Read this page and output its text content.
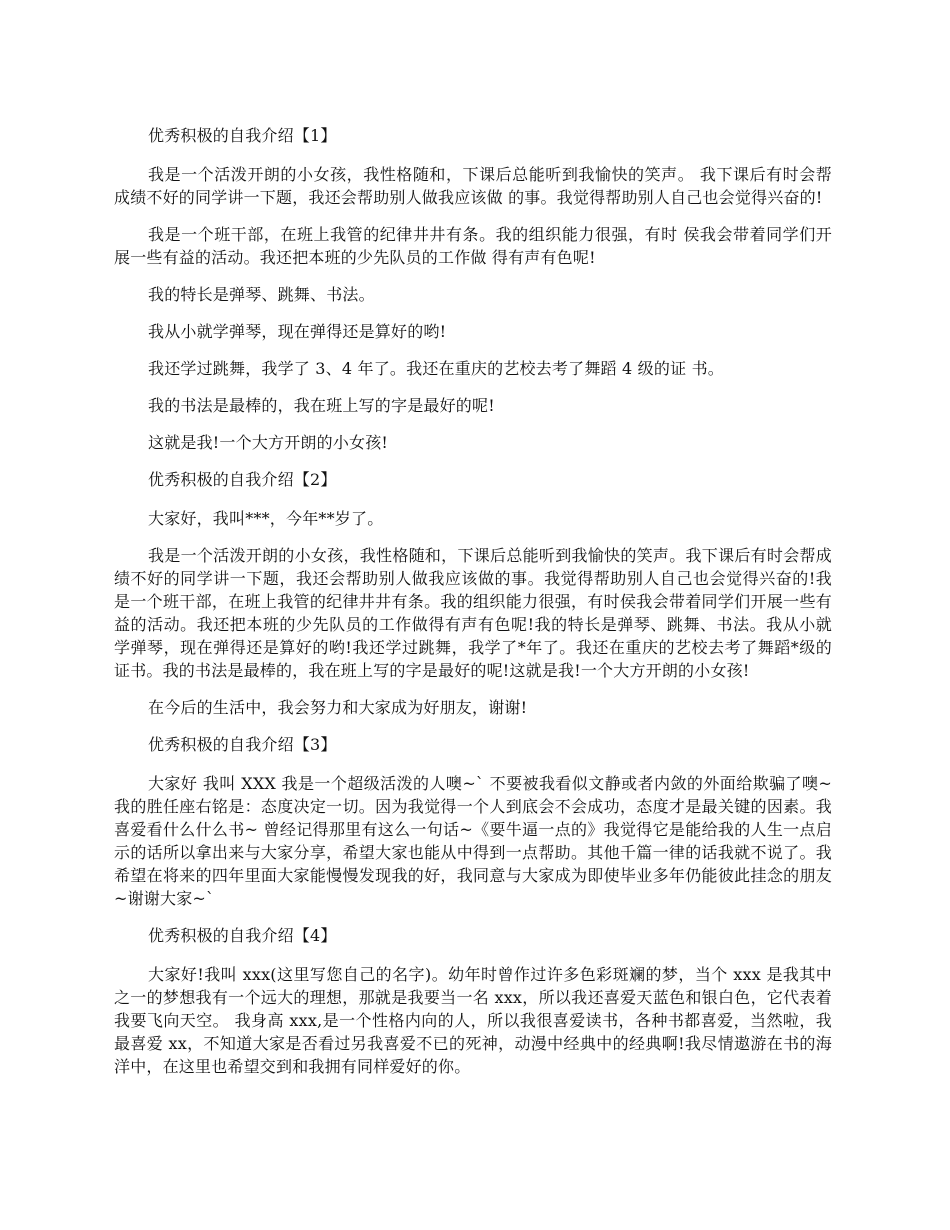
优秀积极的自我介绍【1】

我是一个活泼开朗的小女孩，我性格随和，下课后总能听到我愉快的笑声。 我下课后有时会帮成绩不好的同学讲一下题，我还会帮助别人做我应该做 的事。我觉得帮助别人自己也会觉得兴奋的!

我是一个班干部，在班上我管的纪律井井有条。我的组织能力很强，有时 侯我会带着同学们开展一些有益的活动。我还把本班的少先队员的工作做 得有声有色呢!

我的特长是弹琴、跳舞、书法。

我从小就学弹琴，现在弹得还是算好的哟!

我还学过跳舞，我学了 3、4 年了。我还在重庆的艺校去考了舞蹈 4 级的证 书。

我的书法是最棒的，我在班上写的字是最好的呢!

这就是我!一个大方开朗的小女孩!

优秀积极的自我介绍【2】

大家好，我叫***，今年**岁了。

我是一个活泼开朗的小女孩，我性格随和，下课后总能听到我愉快的笑声。我下课后有时会帮成绩不好的同学讲一下题，我还会帮助别人做我应该做的事。我觉得帮助别人自己也会觉得兴奋的!我是一个班干部，在班上我管的纪律井井有条。我的组织能力很强，有时侯我会带着同学们开展一些有益的活动。我还把本班的少先队员的工作做得有声有色呢!我的特长是弹琴、跳舞、书法。我从小就学弹琴，现在弹得还是算好的哟!我还学过跳舞，我学了*年了。我还在重庆的艺校去考了舞蹈*级的证书。我的书法是最棒的，我在班上写的字是最好的呢!这就是我!一个大方开朗的小女孩!

在今后的生活中，我会努力和大家成为好朋友，谢谢!

优秀积极的自我介绍【3】

大家好 我叫 XXX 我是一个超级活泼的人噢~` 不要被我看似文静或者内敛的外面给欺骗了噢~我的胜任座右铭是：态度决定一切。因为我觉得一个人到底会不会成功，态度才是最关键的因素。我喜爱看什么什么书~ 曾经记得那里有这么一句话~《要牛逼一点的》我觉得它是能给我的人生一点启示的话所以拿出来与大家分享，希望大家也能从中得到一点帮助。其他千篇一律的话我就不说了。我希望在将来的四年里面大家能慢慢发现我的好，我同意与大家成为即使毕业多年仍能彼此挂念的朋友~谢谢大家~`

优秀积极的自我介绍【4】

大家好!我叫 xxx(这里写您自己的名字)。幼年时曾作过许多色彩斑斓的梦，当个 xxx 是我其中之一的梦想我有一个远大的理想，那就是我要当一名 xxx，所以我还喜爱天蓝色和银白色，它代表着我要飞向天空。 我身高 xxx,是一个性格内向的人，所以我很喜爱读书，各种书都喜爱，当然啦，我最喜爱 xx，不知道大家是否看过另我喜爱不已的死神，动漫中经典中的经典啊!我尽情遨游在书的海洋中，在这里也希望交到和我拥有同样爱好的你。
